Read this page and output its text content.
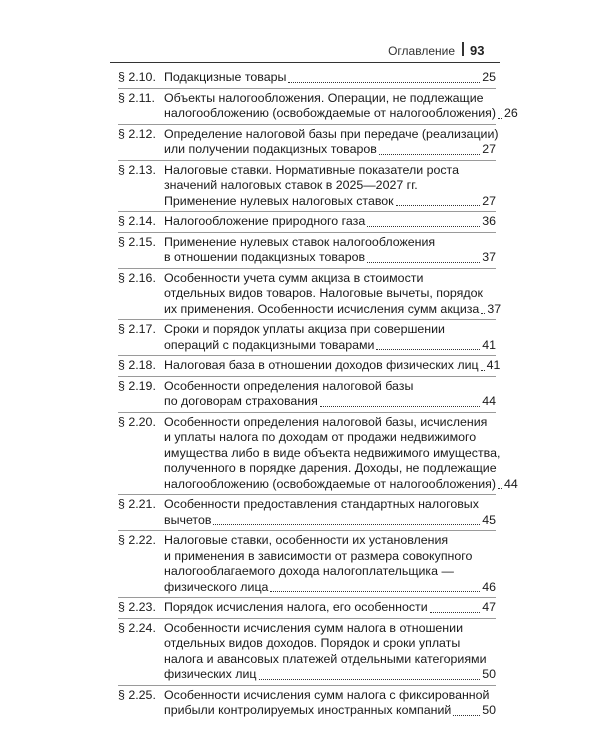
Оглавление 93
§ 2.10. Подакцизные товары	25
§ 2.11. Объекты налогообложения. Операции, не подлежащие
налогообложению (освобождаемые от налогообложения) 26
§ 2.12. Определение налоговой базы при передаче (реализации)
или получении подакцизных товаров	27
§ 2.13. Налоговые ставки. Нормативные показатели роста
значений налоговых ставок в 2025—2027 гг.
Применение нулевых налоговых ставок	27
§ 2.14. Налогообложение природного газа	36
§ 2.15. Применение нулевых ставок налогообложения
в отношении подакцизных товаров	37
§ 2.16. Особенности учета сумм акциза в стоимости
отдельных видов товаров. Налоговые вычеты, порядок
их применения. Особенности исчисления сумм акциза 37
§ 2.17. Сроки и порядок уплаты акциза при совершении
операций с подакцизными товарами	41
§ 2.18. Налоговая база в отношении доходов физических лиц 41
§ 2.19. Особенности определения налоговой базы
по договорам страхования	44
§ 2.20. Особенности определения налоговой базы, исчисления
и уплаты налога по доходам от продажи недвижимого
имущества либо в виде объекта недвижимого имущества,
полученного в порядке дарения. Доходы, не подлежащие
налогообложению (освобождаемые от налогообложения) 44
§ 2.21. Особенности предоставления стандартных налоговых
вычетов	45
§ 2.22. Налоговые ставки, особенности их установления
и применения в зависимости от размера совокупного
налогооблагаемого дохода налогоплательщика —
физического лица	46
§ 2.23. Порядок исчисления налога, его особенности	47
§ 2.24. Особенности исчисления сумм налога в отношении
отдельных видов доходов. Порядок и сроки уплаты
налога и авансовых платежей отдельными категориями
физических лиц	50
§ 2.25. Особенности исчисления сумм налога с фиксированной
прибыли контролируемых иностранных компаний 50
